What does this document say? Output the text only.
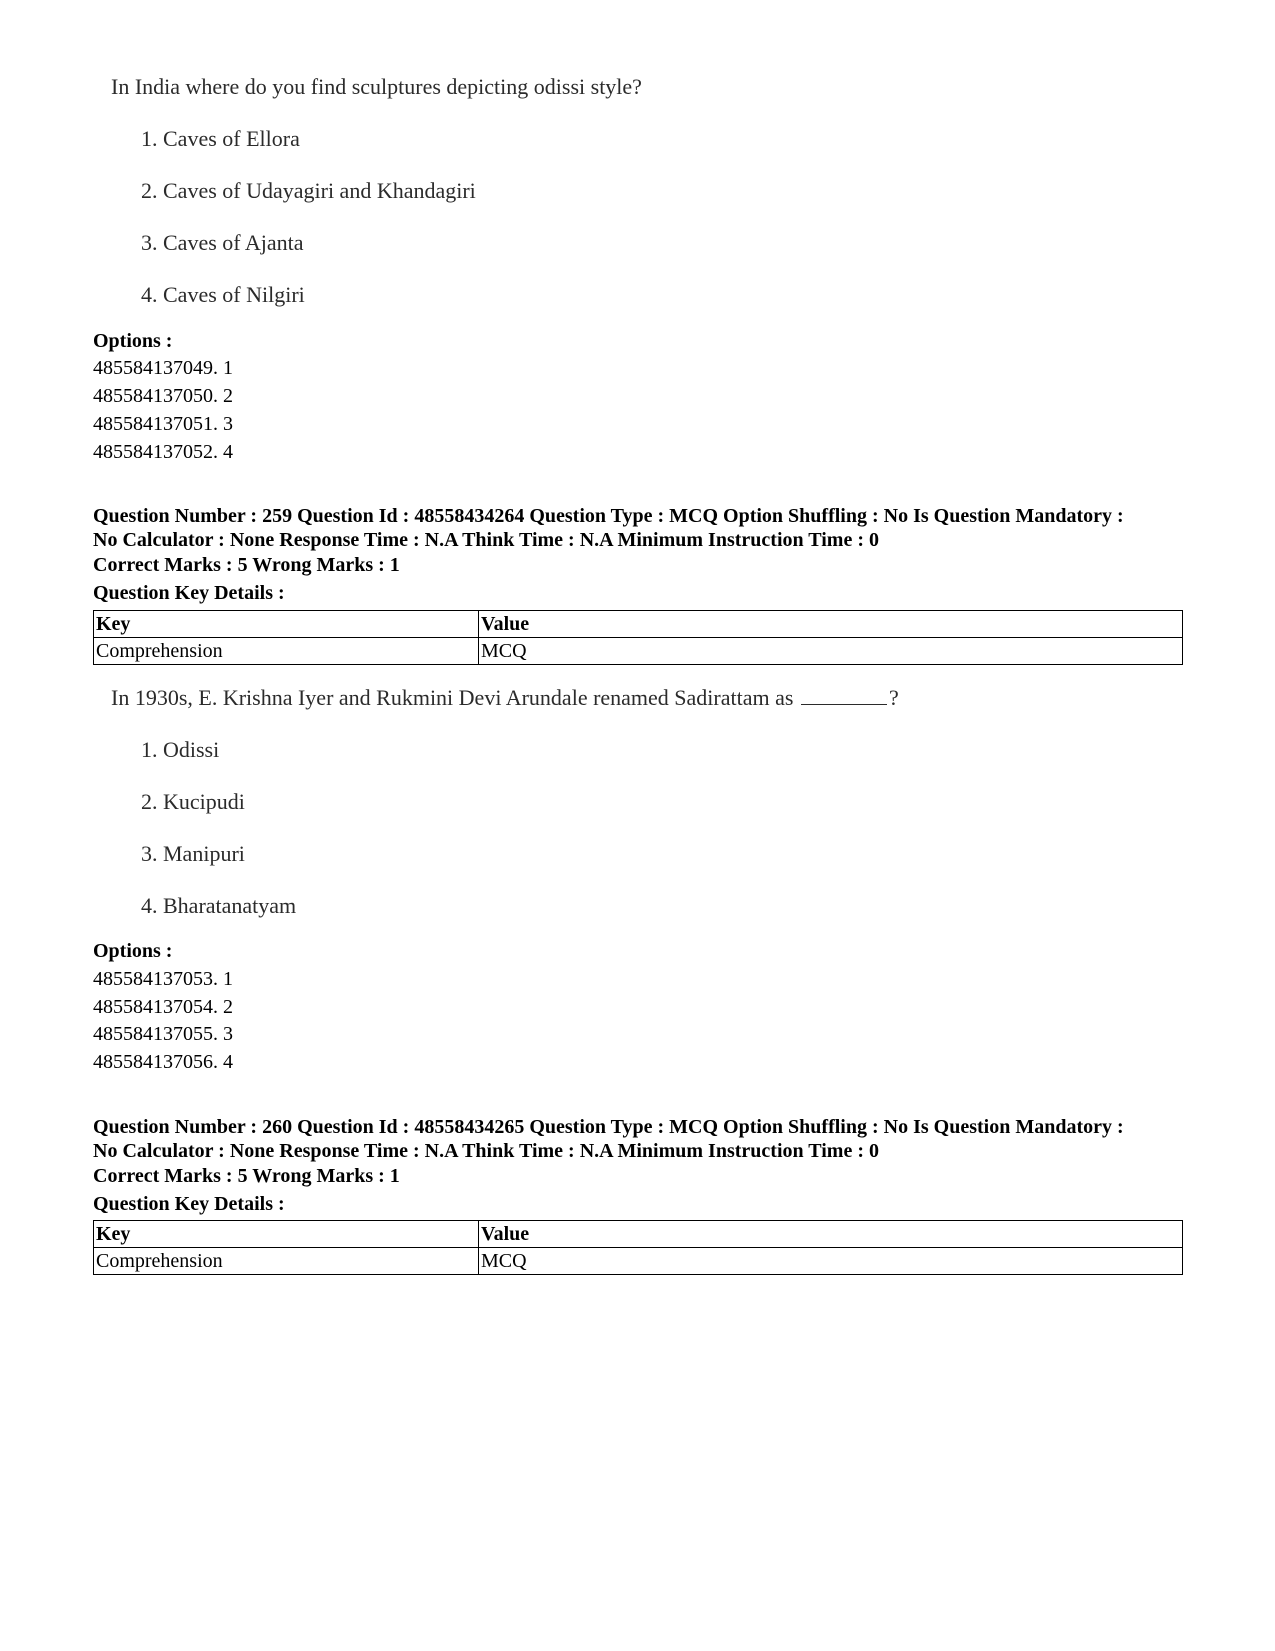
In India where do you find sculptures depicting odissi style?
1. Caves of Ellora
2. Caves of Udayagiri and Khandagiri
3. Caves of Ajanta
4. Caves of Nilgiri
Options :
485584137049. 1
485584137050. 2
485584137051. 3
485584137052. 4
Question Number : 259 Question Id : 48558434264 Question Type : MCQ Option Shuffling : No Is Question Mandatory :
No Calculator : None Response Time : N.A Think Time : N.A Minimum Instruction Time : 0
Correct Marks : 5 Wrong Marks : 1
Question Key Details :
Key	Value
Comprehension	MCQ
In 1930s, E. Krishna Iyer and Rukmini Devi Arundale renamed Sadirattam as	?
1. Odissi
2. Kucipudi
3. Manipuri
4. Bharatanatyam
Options :
485584137053. 1
485584137054. 2
485584137055. 3
485584137056. 4
Question Number : 260 Question Id : 48558434265 Question Type : MCQ Option Shuffling : No Is Question Mandatory :
No Calculator : None Response Time : N.A Think Time : N.A Minimum Instruction Time : 0
Correct Marks : 5 Wrong Marks : 1
Question Key Details :
Key	Value
Comprehension	MCQ
